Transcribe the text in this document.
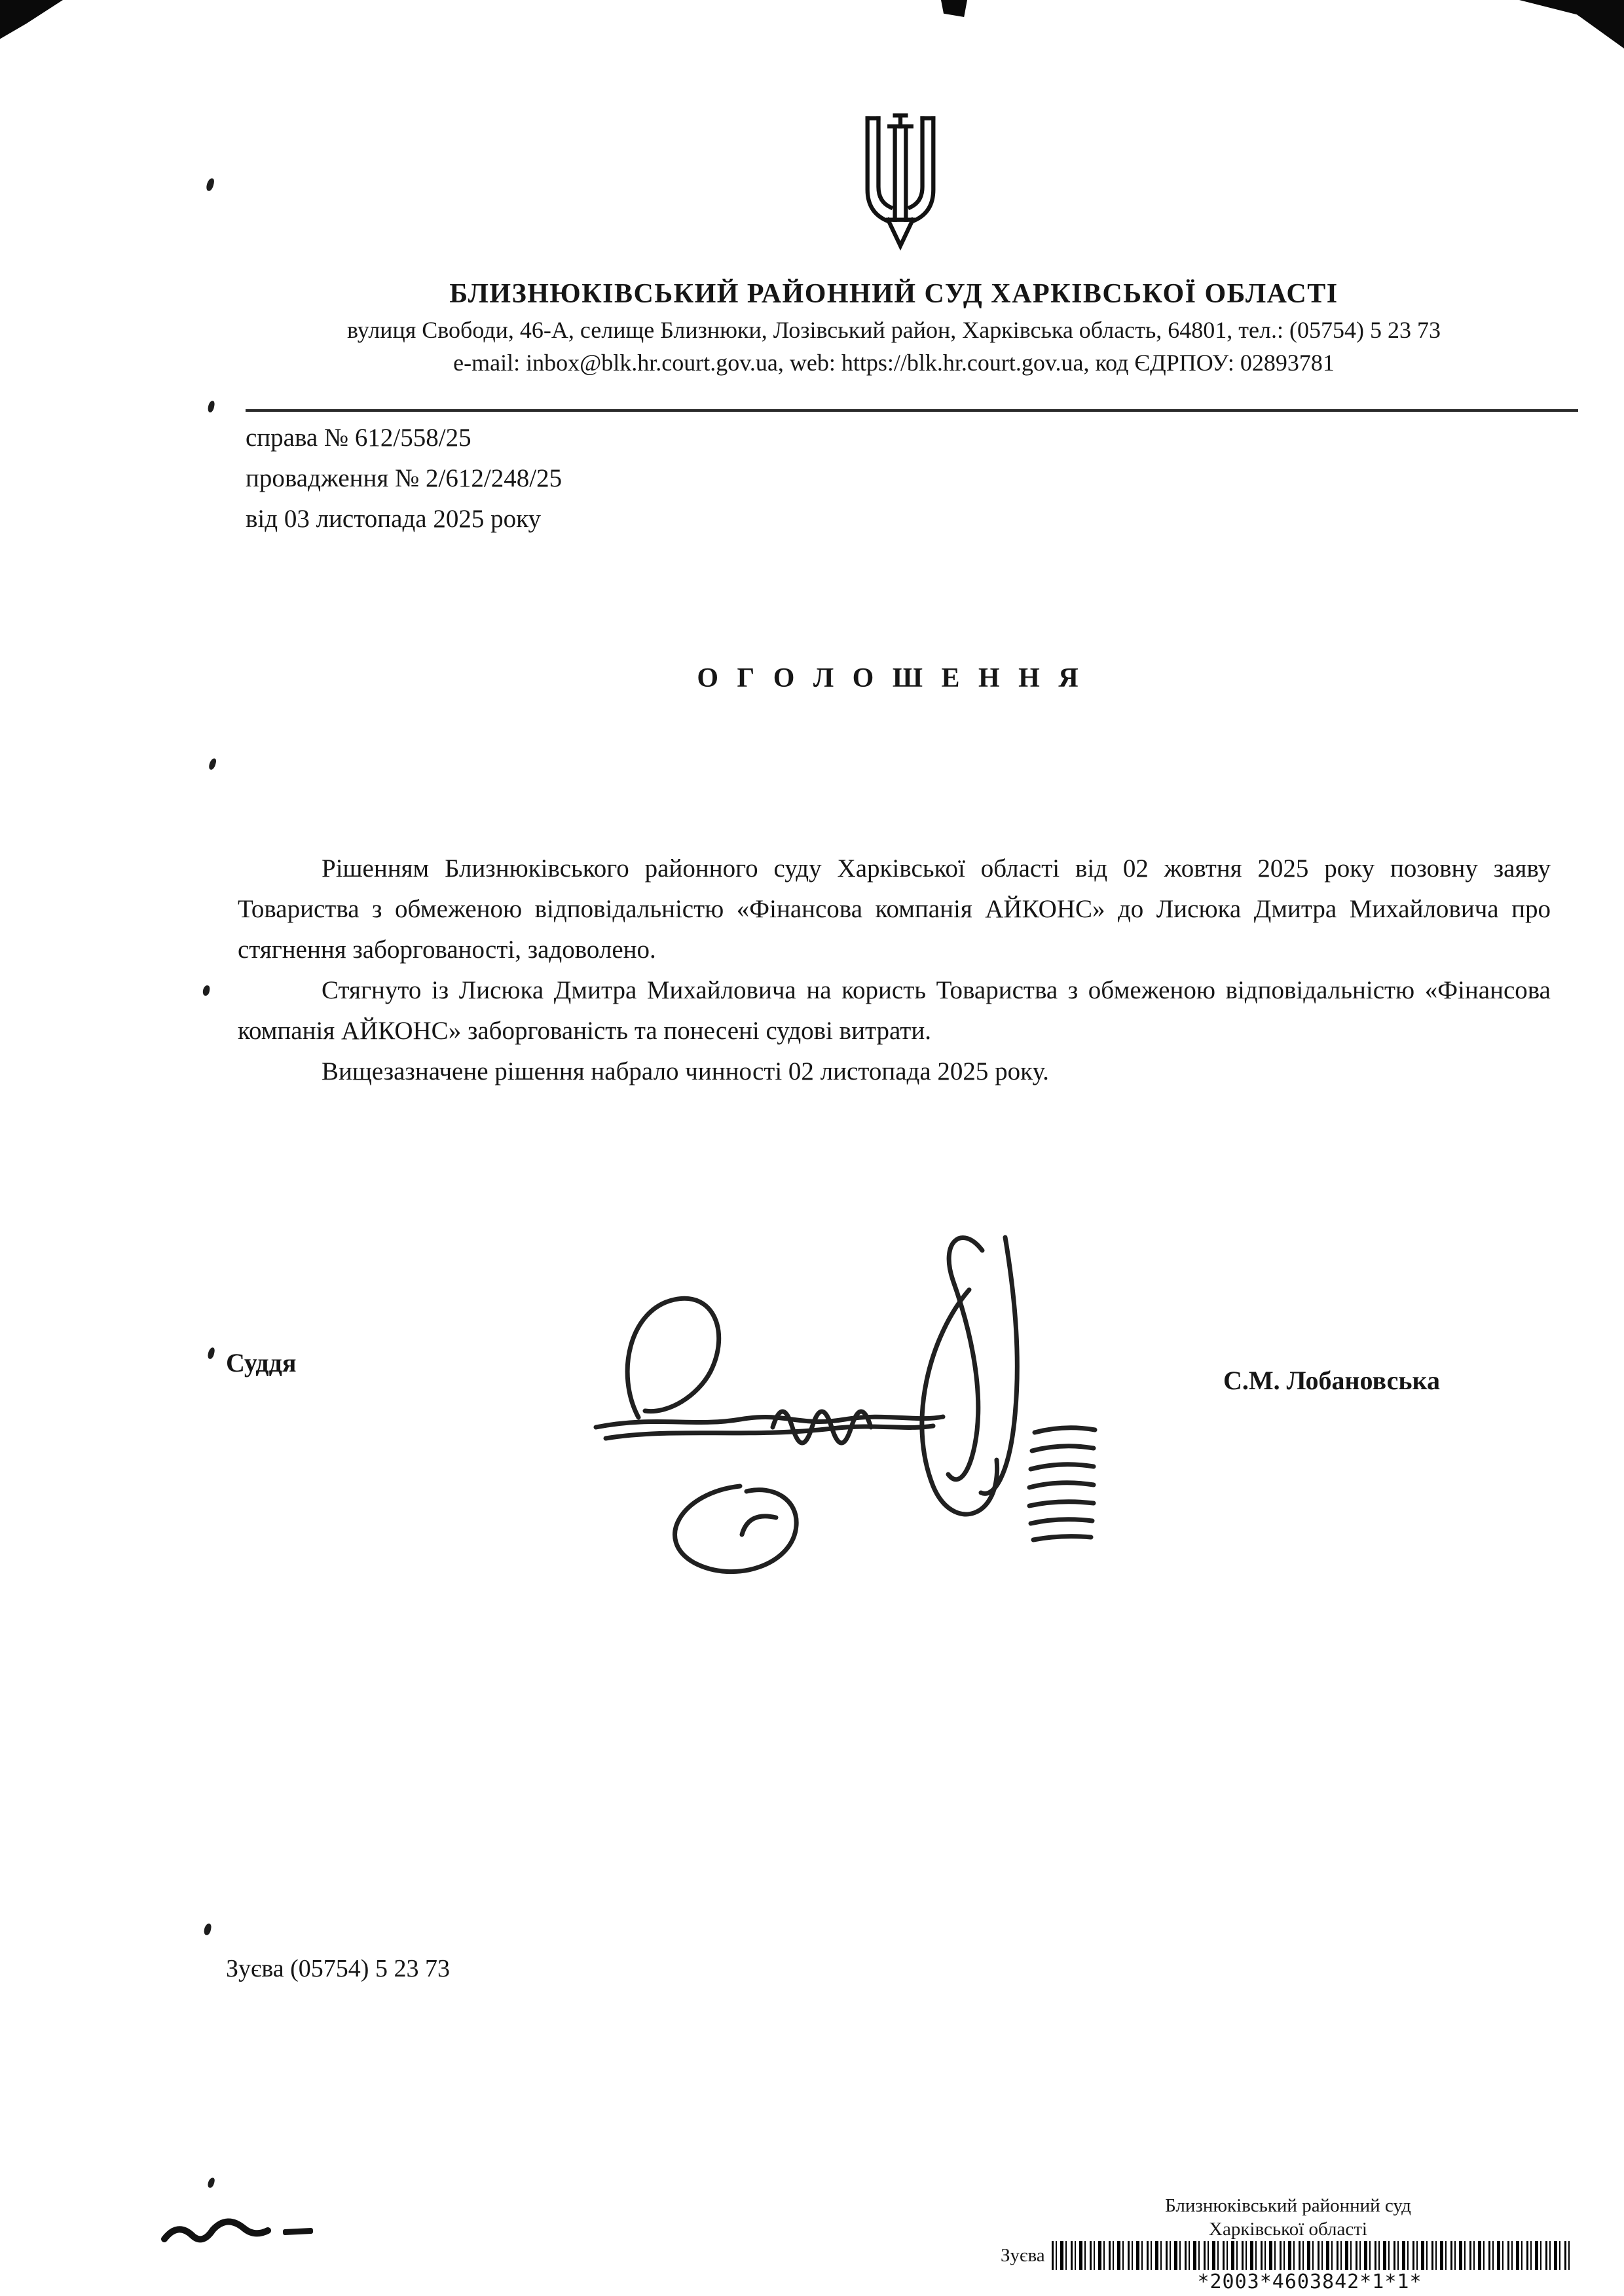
БЛИЗНЮКІВСЬКИЙ РАЙОННИЙ СУД ХАРКІВСЬКОЇ ОБЛАСТІ
вулиця Свободи, 46-А, селище Близнюки, Лозівський район, Харківська область, 64801, тел.: (05754) 5 23 73
e-mail: inbox@blk.hr.court.gov.ua, web: https://blk.hr.court.gov.ua, код ЄДРПОУ: 02893781
справа № 612/558/25
провадження № 2/612/248/25
від 03 листопада 2025 року
О Г О Л О Ш Е Н Н Я

Рішенням Близнюківського районного суду Харківської області від 02 жовтня 2025 року позовну заяву Товариства з обмеженою відповідальністю «Фінансова компанія АЙКОНС» до Лисюка Дмитра Михайловича про стягнення заборгованості, задоволено.

Стягнуто із Лисюка Дмитра Михайловича на користь Товариства з обмеженою відповідальністю «Фінансова компанія АЙКОНС» заборгованість та понесені судові витрати.

Вищезазначене рішення набрало чинності 02 листопада 2025 року.

Суддя
С.М. Лобановська
Зуєва (05754) 5 23 73
Близнюківський районний суд
Харківської області
Зуєва
*2003*4603842*1*1*
